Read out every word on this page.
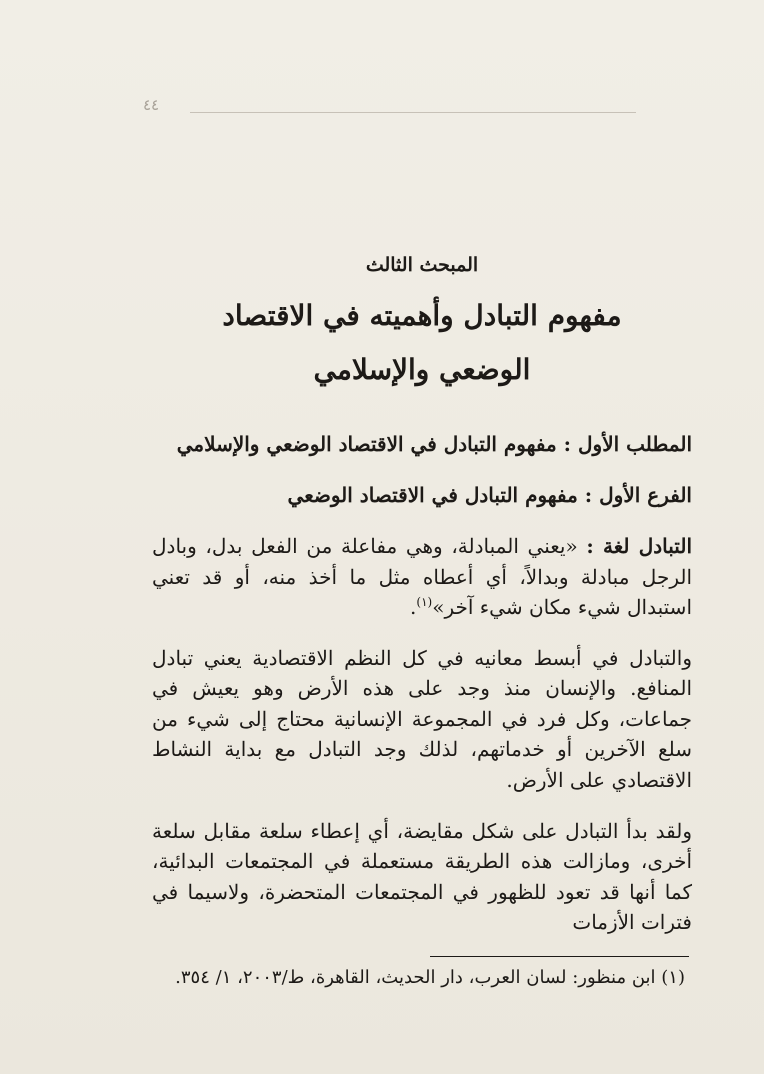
٤٤
المبحث الثالث
مفهوم التبادل وأهميته في الاقتصاد
الوضعي والإسلامي
المطلب الأول : مفهوم التبادل في الاقتصاد الوضعي والإسلامي
الفرع الأول : مفهوم التبادل في الاقتصاد الوضعي

التبادل لغة : «يعني المبادلة، وهي مفاعلة من الفعل بدل، وبادل الرجل مبادلة وبدالاً، أي أعطاه مثل ما أخذ منه، أو قد تعني استبدال شيء مكان شيء آخر»$^{(١)}$.

والتبادل في أبسط معانيه في كل النظم الاقتصادية يعني تبادل المنافع. والإنسان منذ وجد على هذه الأرض وهو يعيش في جماعات، وكل فرد في المجموعة الإنسانية محتاج إلى شيء من سلع الآخرين أو خدماتهم، لذلك وجد التبادل مع بداية النشاط الاقتصادي على الأرض.

ولقد بدأ التبادل على شكل مقايضة، أي إعطاء سلعة مقابل سلعة أخرى، ومازالت هذه الطريقة مستعملة في المجتمعات البدائية، كما أنها قد تعود للظهور في المجتمعات المتحضرة، ولاسيما في فترات الأزمات

(١) ابن منظور: لسان العرب، دار الحديث، القاهرة، ط/٢٠٠٣، ١/ ٣٥٤.
